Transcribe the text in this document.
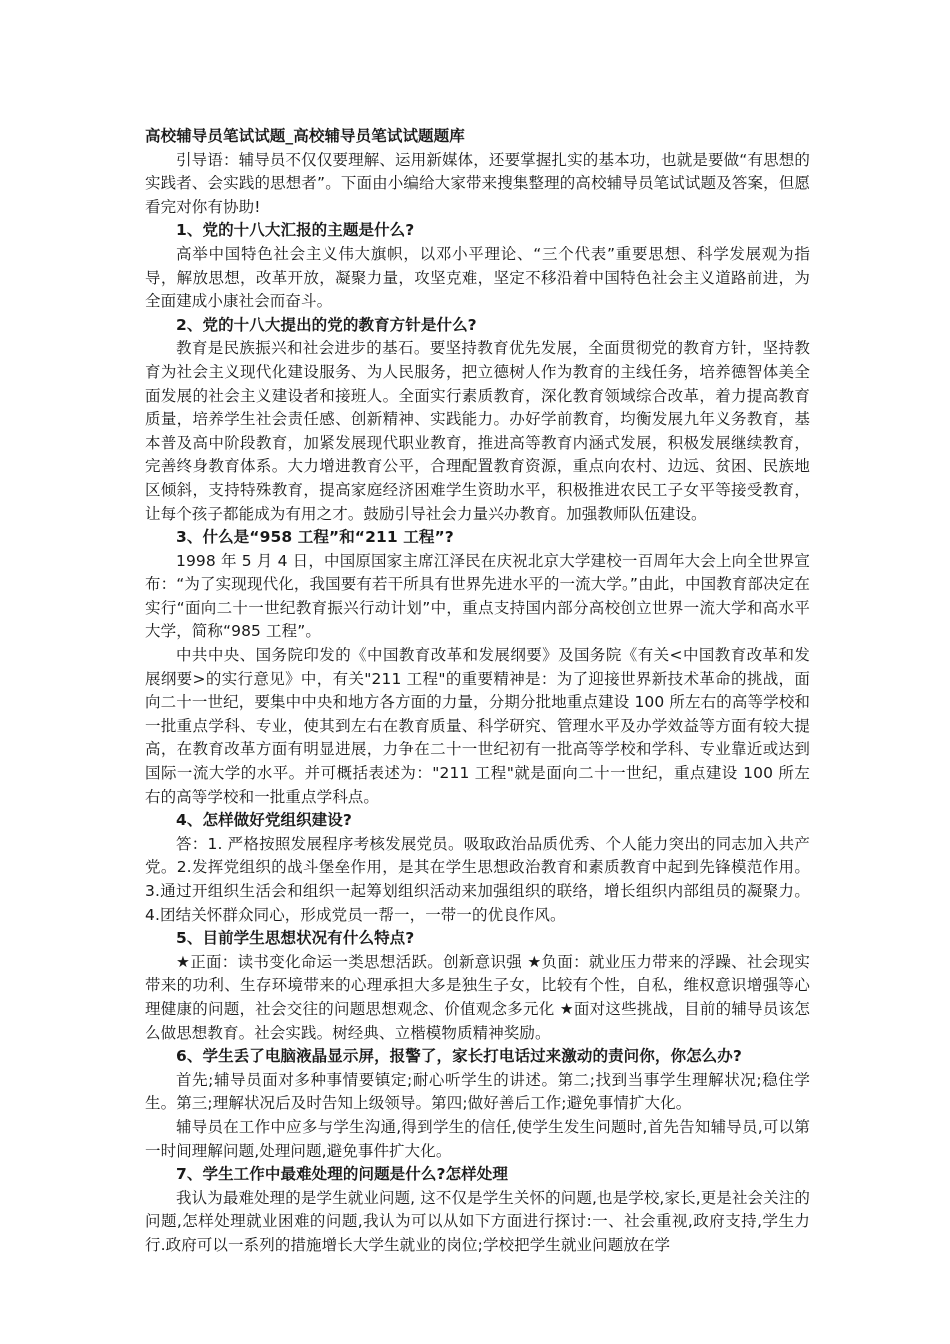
高校辅导员笔试试题_高校辅导员笔试试题题库

引导语：辅导员不仅仅要理解、运用新媒体，还要掌握扎实的基本功，也就是要做“有思想的实践者、会实践的思想者”。下面由小编给大家带来搜集整理的高校辅导员笔试试题及答案，但愿看完对你有协助!

1、党的十八大汇报的主题是什么?

高举中国特色社会主义伟大旗帜，以邓小平理论、“三个代表”重要思想、科学发展观为指导，解放思想，改革开放，凝聚力量，攻坚克难，坚定不移沿着中国特色社会主义道路前进，为全面建成小康社会而奋斗。

2、党的十八大提出的党的教育方针是什么?

教育是民族振兴和社会进步的基石。要坚持教育优先发展，全面贯彻党的教育方针，坚持教育为社会主义现代化建设服务、为人民服务，把立德树人作为教育的主线任务，培养德智体美全面发展的社会主义建设者和接班人。全面实行素质教育，深化教育领域综合改革，着力提高教育质量，培养学生社会责任感、创新精神、实践能力。办好学前教育，均衡发展九年义务教育，基本普及高中阶段教育，加紧发展现代职业教育，推进高等教育内涵式发展，积极发展继续教育，完善终身教育体系。大力增进教育公平，合理配置教育资源，重点向农村、边远、贫困、民族地区倾斜，支持特殊教育，提高家庭经济困难学生资助水平，积极推进农民工子女平等接受教育，让每个孩子都能成为有用之才。鼓励引导社会力量兴办教育。加强教师队伍建设。

3、什么是“958 工程”和“211 工程”?

1998 年 5 月 4 日，中国原国家主席江泽民在庆祝北京大学建校一百周年大会上向全世界宣布：“为了实现现代化，我国要有若干所具有世界先进水平的一流大学。”由此，中国教育部决定在实行“面向二十一世纪教育振兴行动计划”中，重点支持国内部分高校创立世界一流大学和高水平大学，简称“985 工程”。

中共中央、国务院印发的《中国教育改革和发展纲要》及国务院《有关<中国教育改革和发展纲要>的实行意见》中，有关"211 工程"的重要精神是：为了迎接世界新技术革命的挑战，面向二十一世纪，要集中中央和地方各方面的力量，分期分批地重点建设 100 所左右的高等学校和一批重点学科、专业，使其到左右在教育质量、科学研究、管理水平及办学效益等方面有较大提高，在教育改革方面有明显进展，力争在二十一世纪初有一批高等学校和学科、专业靠近或达到国际一流大学的水平。并可概括表述为："211 工程"就是面向二十一世纪，重点建设 100 所左右的高等学校和一批重点学科点。

4、怎样做好党组织建设?

答：1. 严格按照发展程序考核发展党员。吸取政治品质优秀、个人能力突出的同志加入共产党。2.发挥党组织的战斗堡垒作用，是其在学生思想政治教育和素质教育中起到先锋模范作用。3.通过开组织生活会和组织一起筹划组织活动来加强组织的联络，增长组织内部组员的凝聚力。4.团结关怀群众同心，形成党员一帮一，一带一的优良作风。

5、目前学生思想状况有什么特点?

★正面：读书变化命运一类思想活跃。创新意识强 ★负面：就业压力带来的浮躁、社会现实带来的功利、生存环境带来的心理承担大多是独生子女，比较有个性，自私，维权意识增强等心理健康的问题，社会交往的问题思想观念、价值观念多元化 ★面对这些挑战，目前的辅导员该怎么做思想教育。社会实践。树经典、立楷模物质精神奖励。

6、学生丢了电脑液晶显示屏，报警了，家长打电话过来激动的责问你，你怎么办?

首先;辅导员面对多种事情要镇定;耐心听学生的讲述。第二;找到当事学生理解状况;稳住学生。第三;理解状况后及时告知上级领导。第四;做好善后工作;避免事情扩大化。

辅导员在工作中应多与学生沟通,得到学生的信任,使学生发生问题时,首先告知辅导员,可以第一时间理解问题,处理问题,避免事件扩大化。

7、学生工作中最难处理的问题是什么?怎样处理

我认为最难处理的是学生就业问题, 这不仅是学生关怀的问题,也是学校,家长,更是社会关注的问题,怎样处理就业困难的问题,我认为可以从如下方面进行探讨:一、社会重视,政府支持,学生力行.政府可以一系列的措施增长大学生就业的岗位;学校把学生就业问题放在学
